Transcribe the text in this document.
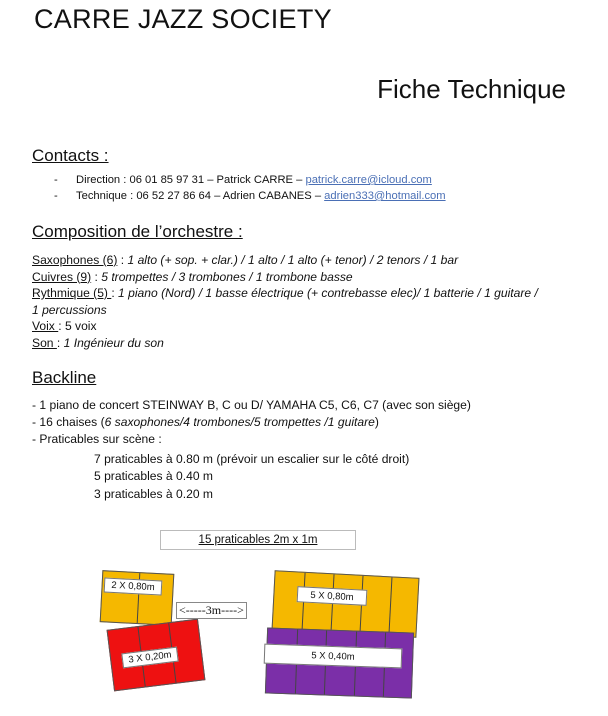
CARRE JAZZ SOCIETY
Fiche Technique
Contacts :
- Direction : 06 01 85 97 31 – Patrick CARRE – patrick.carre@icloud.com
- Technique : 06 52 27 86 64 – Adrien CABANES – adrien333@hotmail.com
Composition de l’orchestre :
Saxophones (6) : 1 alto (+ sop. + clar.) / 1 alto / 1 alto (+ tenor) / 2 tenors / 1 bar
Cuivres (9) : 5 trompettes / 3 trombones / 1 trombone basse
Rythmique (5) : 1 piano (Nord) / 1 basse électrique (+ contrebasse elec)/ 1 batterie / 1 guitare / 1 percussions
Voix : 5 voix
Son : 1 Ingénieur du son
Backline
- 1 piano de concert STEINWAY B, C ou D/ YAMAHA C5, C6, C7 (avec son siège)
- 16 chaises (6 saxophones/4 trombones/5 trompettes /1 guitare)
- Praticables sur scène :
7 praticables à 0.80 m (prévoir un escalier sur le côté droit)
5 praticables à 0.40 m
3 praticables à 0.20 m
15 praticables 2m x 1m
2 X 0,80m
3 X 0,20m
<-----3m---->
5 X 0,80m
5 X 0,40m
